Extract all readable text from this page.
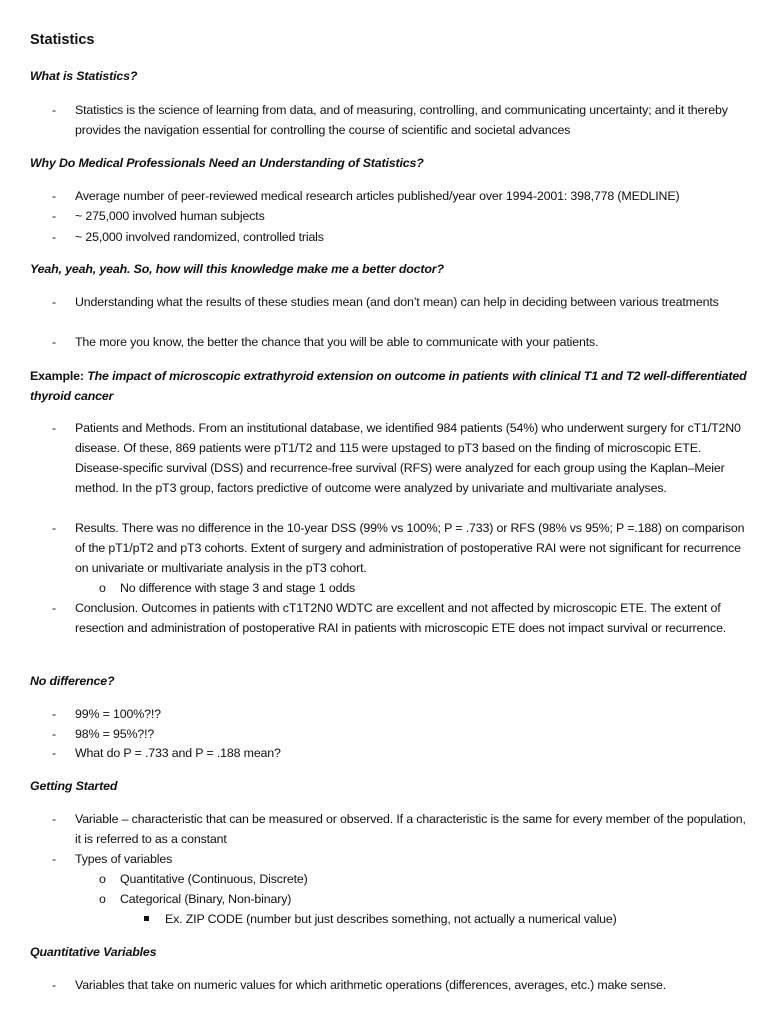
Statistics
What is Statistics?
-	Statistics is the science of learning from data, and of measuring, controlling, and communicating uncertainty; and it thereby provides the navigation essential for controlling the course of scientific and societal advances
Why Do Medical Professionals Need an Understanding of Statistics?
-	Average number of peer-reviewed medical research articles published/year over 1994-2001: 398,778 (MEDLINE)
-	~ 275,000 involved human subjects
-	~ 25,000 involved randomized, controlled trials
Yeah, yeah, yeah. So, how will this knowledge make me a better doctor?
-	Understanding what the results of these studies mean (and don’t mean) can help in deciding between various treatments
-	The more you know, the better the chance that you will be able to communicate with your patients.
Example: The impact of microscopic extrathyroid extension on outcome in patients with clinical T1 and T2 well-differentiated thyroid cancer
-	Patients and Methods. From an institutional database, we identified 984 patients (54%) who underwent surgery for cT1/T2N0 disease. Of these, 869 patients were pT1/T2 and 115 were upstaged to pT3 based on the finding of microscopic ETE. Disease-specific survival (DSS) and recurrence-free survival (RFS) were analyzed for each group using the Kaplan–Meier method. In the pT3 group, factors predictive of outcome were analyzed by univariate and multivariate analyses.
-	Results. There was no difference in the 10-year DSS (99% vs 100%; P = .733) or RFS (98% vs 95%; P =.188) on comparison of the pT1/pT2 and pT3 cohorts. Extent of surgery and administration of postoperative RAI were not significant for recurrence on univariate or multivariate analysis in the pT3 cohort.
o No difference with stage 3 and stage 1 odds
-	Conclusion. Outcomes in patients with cT1T2N0 WDTC are excellent and not affected by microscopic ETE. The extent of resection and administration of postoperative RAI in patients with microscopic ETE does not impact survival or recurrence.
No difference?
-	99% = 100%?!?
-	98% = 95%?!?
-	What do P = .733 and P = .188 mean?
Getting Started
-	Variable – characteristic that can be measured or observed. If a characteristic is the same for every member of the population, it is referred to as a constant
-	Types of variables
o Quantitative (Continuous, Discrete)
o Categorical (Binary, Non-binary)
Ex. ZIP CODE (number but just describes something, not actually a numerical value)
Quantitative Variables
-	Variables that take on numeric values for which arithmetic operations (differences, averages, etc.) make sense.
